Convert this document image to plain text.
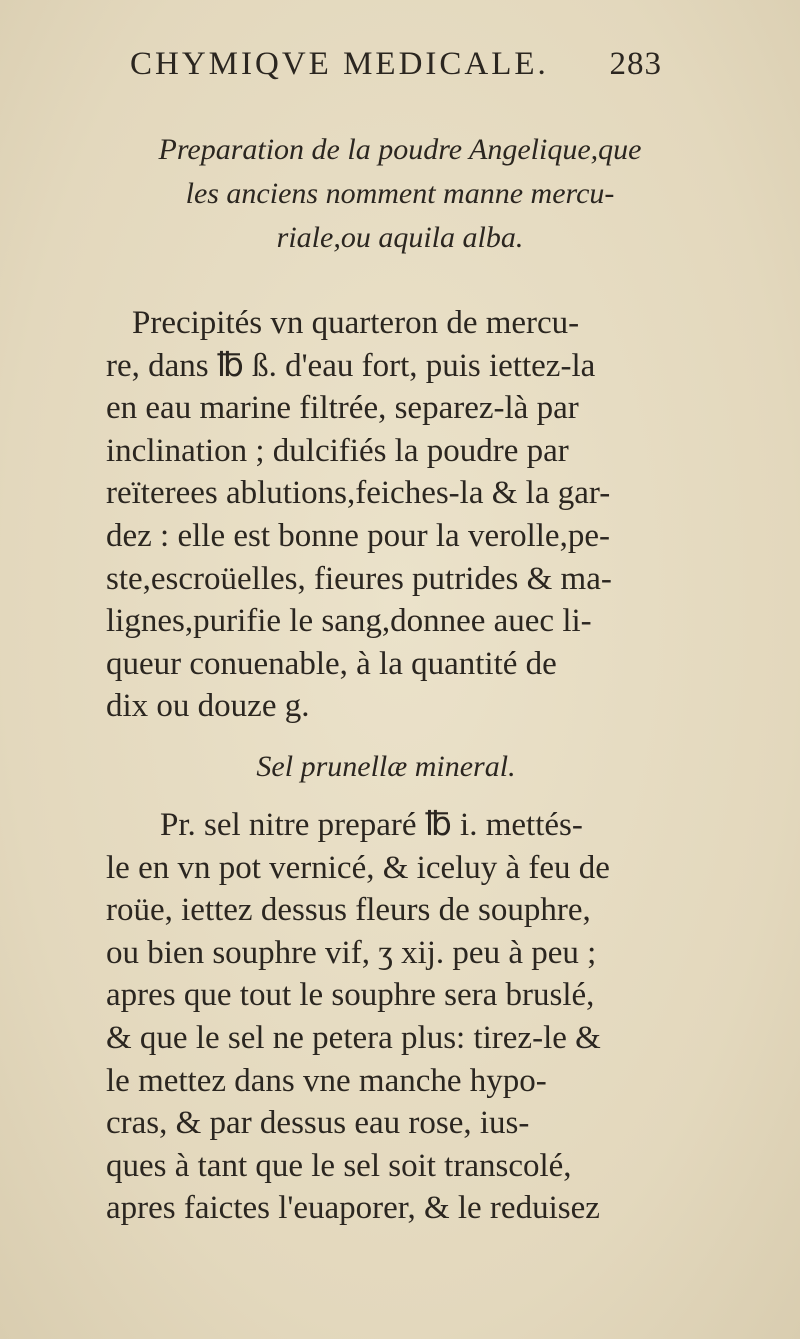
CHYMIQVE MEDICALE. 283
Preparation de la poudre Angelique,que
les anciens nomment manne mercu-
riale,ou aquila alba.
Precipités vn quarteron de mercu-
re, dans ℔ ß. d'eau fort, puis iettez-la
en eau marine filtrée, separez-là par
inclination ; dulcifiés la poudre par
reïterees ablutions,feiches-la & la gar-
dez : elle est bonne pour la verolle,pe-
ste,escroüelles, fieures putrides & ma-
lignes,purifie le sang,donnee auec li-
queur conuenable, à la quantité de
dix ou douze g.
Sel prunellæ mineral.
Pr. sel nitre preparé ℔ i. mettés-
le en vn pot vernicé, & iceluy à feu de
roüe, iettez dessus fleurs de souphre,
ou bien souphre vif, ʒ xij. peu à peu ;
apres que tout le souphre sera bruslé,
& que le sel ne petera plus: tirez-le &
le mettez dans vne manche hypo-
cras, & par dessus eau rose, ius-
ques à tant que le sel soit transcolé,
apres faictes l'euaporer, & le reduisez
